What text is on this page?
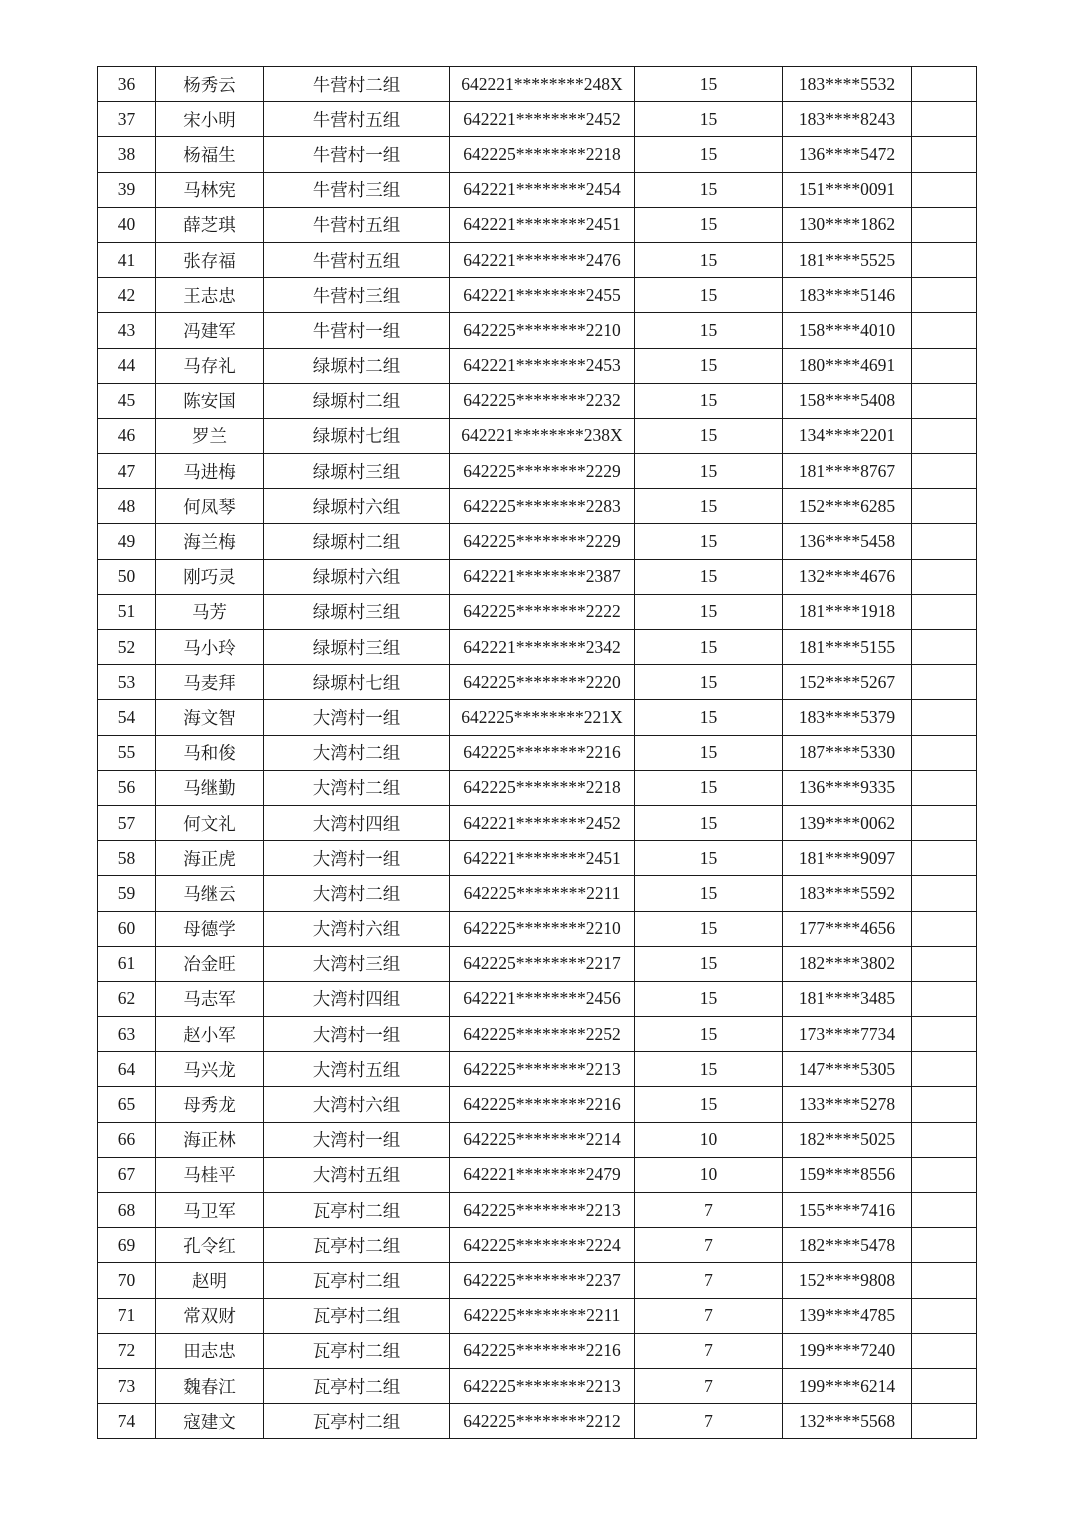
36	杨秀云	牛营村二组	642221********248X	15	183****5532	
37	宋小明	牛营村五组	642221********2452	15	183****8243	
38	杨福生	牛营村一组	642225********2218	15	136****5472	
39	马林宪	牛营村三组	642221********2454	15	151****0091	
40	薛芝琪	牛营村五组	642221********2451	15	130****1862	
41	张存福	牛营村五组	642221********2476	15	181****5525	
42	王志忠	牛营村三组	642221********2455	15	183****5146	
43	冯建军	牛营村一组	642225********2210	15	158****4010	
44	马存礼	绿塬村二组	642221********2453	15	180****4691	
45	陈安国	绿塬村二组	642225********2232	15	158****5408	
46	罗兰	绿塬村七组	642221********238X	15	134****2201	
47	马进梅	绿塬村三组	642225********2229	15	181****8767	
48	何凤琴	绿塬村六组	642225********2283	15	152****6285	
49	海兰梅	绿塬村二组	642225********2229	15	136****5458	
50	刚巧灵	绿塬村六组	642221********2387	15	132****4676	
51	马芳	绿塬村三组	642225********2222	15	181****1918	
52	马小玲	绿塬村三组	642221********2342	15	181****5155	
53	马麦拜	绿塬村七组	642225********2220	15	152****5267	
54	海文智	大湾村一组	642225********221X	15	183****5379	
55	马和俊	大湾村二组	642225********2216	15	187****5330	
56	马继勤	大湾村二组	642225********2218	15	136****9335	
57	何文礼	大湾村四组	642221********2452	15	139****0062	
58	海正虎	大湾村一组	642221********2451	15	181****9097	
59	马继云	大湾村二组	642225********2211	15	183****5592	
60	母德学	大湾村六组	642225********2210	15	177****4656	
61	冶金旺	大湾村三组	642225********2217	15	182****3802	
62	马志军	大湾村四组	642221********2456	15	181****3485	
63	赵小军	大湾村一组	642225********2252	15	173****7734	
64	马兴龙	大湾村五组	642225********2213	15	147****5305	
65	母秀龙	大湾村六组	642225********2216	15	133****5278	
66	海正林	大湾村一组	642225********2214	10	182****5025	
67	马桂平	大湾村五组	642221********2479	10	159****8556	
68	马卫军	瓦亭村二组	642225********2213	7	155****7416	
69	孔令红	瓦亭村二组	642225********2224	7	182****5478	
70	赵明	瓦亭村二组	642225********2237	7	152****9808	
71	常双财	瓦亭村二组	642225********2211	7	139****4785	
72	田志忠	瓦亭村二组	642225********2216	7	199****7240	
73	魏春江	瓦亭村二组	642225********2213	7	199****6214	
74	寇建文	瓦亭村二组	642225********2212	7	132****5568	
